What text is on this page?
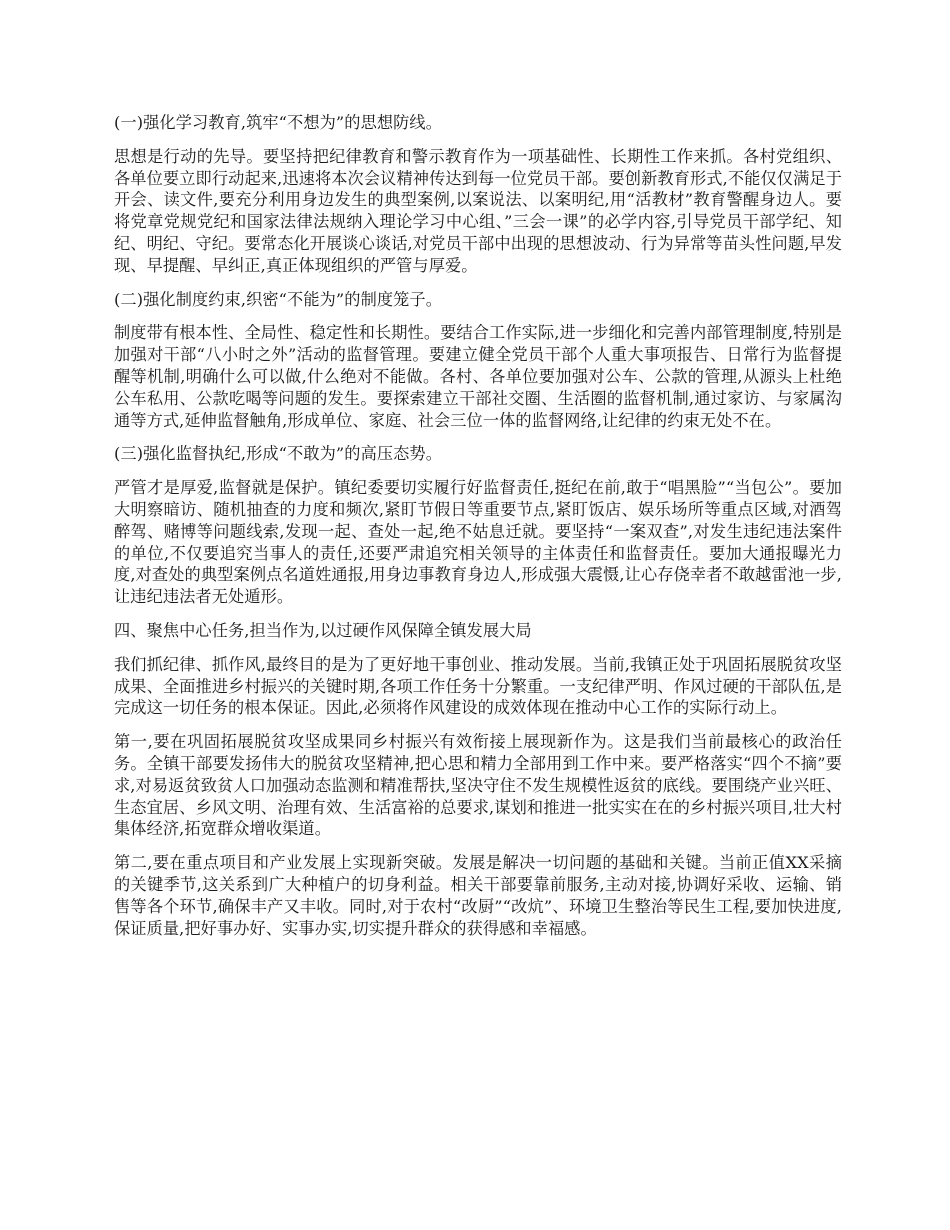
(一)强化学习教育,筑牢“不想为”的思想防线。

思想是行动的先导。要坚持把纪律教育和警示教育作为一项基础性、长期性工作来抓。各村党组织、各单位要立即行动起来,迅速将本次会议精神传达到每一位党员干部。要创新教育形式,不能仅仅满足于开会、读文件,要充分利用身边发生的典型案例,以案说法、以案明纪,用“活教材”教育警醒身边人。要将党章党规党纪和国家法律法规纳入理论学习中心组、”三会一课”的必学内容,引导党员干部学纪、知纪、明纪、守纪。要常态化开展谈心谈话,对党员干部中出现的思想波动、行为异常等苗头性问题,早发现、早提醒、早纠正,真正体现组织的严管与厚爱。

(二)强化制度约束,织密“不能为”的制度笼子。

制度带有根本性、全局性、稳定性和长期性。要结合工作实际,进一步细化和完善内部管理制度,特别是加强对干部“八小时之外”活动的监督管理。要建立健全党员干部个人重大事项报告、日常行为监督提醒等机制,明确什么可以做,什么绝对不能做。各村、各单位要加强对公车、公款的管理,从源头上杜绝公车私用、公款吃喝等问题的发生。要探索建立干部社交圈、生活圈的监督机制,通过家访、与家属沟通等方式,延伸监督触角,形成单位、家庭、社会三位一体的监督网络,让纪律的约束无处不在。

(三)强化监督执纪,形成“不敢为”的高压态势。

严管才是厚爱,监督就是保护。镇纪委要切实履行好监督责任,挺纪在前,敢于“唱黑脸”“当包公”。要加大明察暗访、随机抽查的力度和频次,紧盯节假日等重要节点,紧盯饭店、娱乐场所等重点区域,对酒驾醉驾、赌博等问题线索,发现一起、查处一起,绝不姑息迁就。要坚持“一案双查”,对发生违纪违法案件的单位,不仅要追究当事人的责任,还要严肃追究相关领导的主体责任和监督责任。要加大通报曝光力度,对查处的典型案例点名道姓通报,用身边事教育身边人,形成强大震慑,让心存侥幸者不敢越雷池一步,让违纪违法者无处遁形。

四、聚焦中心任务,担当作为,以过硬作风保障全镇发展大局

我们抓纪律、抓作风,最终目的是为了更好地干事创业、推动发展。当前,我镇正处于巩固拓展脱贫攻坚成果、全面推进乡村振兴的关键时期,各项工作任务十分繁重。一支纪律严明、作风过硬的干部队伍,是完成这一切任务的根本保证。因此,必须将作风建设的成效体现在推动中心工作的实际行动上。

第一,要在巩固拓展脱贫攻坚成果同乡村振兴有效衔接上展现新作为。这是我们当前最核心的政治任务。全镇干部要发扬伟大的脱贫攻坚精神,把心思和精力全部用到工作中来。要严格落实“四个不摘”要求,对易返贫致贫人口加强动态监测和精准帮扶,坚决守住不发生规模性返贫的底线。要围绕产业兴旺、生态宜居、乡风文明、治理有效、生活富裕的总要求,谋划和推进一批实实在在的乡村振兴项目,壮大村集体经济,拓宽群众增收渠道。

第二,要在重点项目和产业发展上实现新突破。发展是解决一切问题的基础和关键。当前正值XX采摘的关键季节,这关系到广大种植户的切身利益。相关干部要靠前服务,主动对接,协调好采收、运输、销售等各个环节,确保丰产又丰收。同时,对于农村“改厨”“改炕”、环境卫生整治等民生工程,要加快进度,保证质量,把好事办好、实事办实,切实提升群众的获得感和幸福感。
